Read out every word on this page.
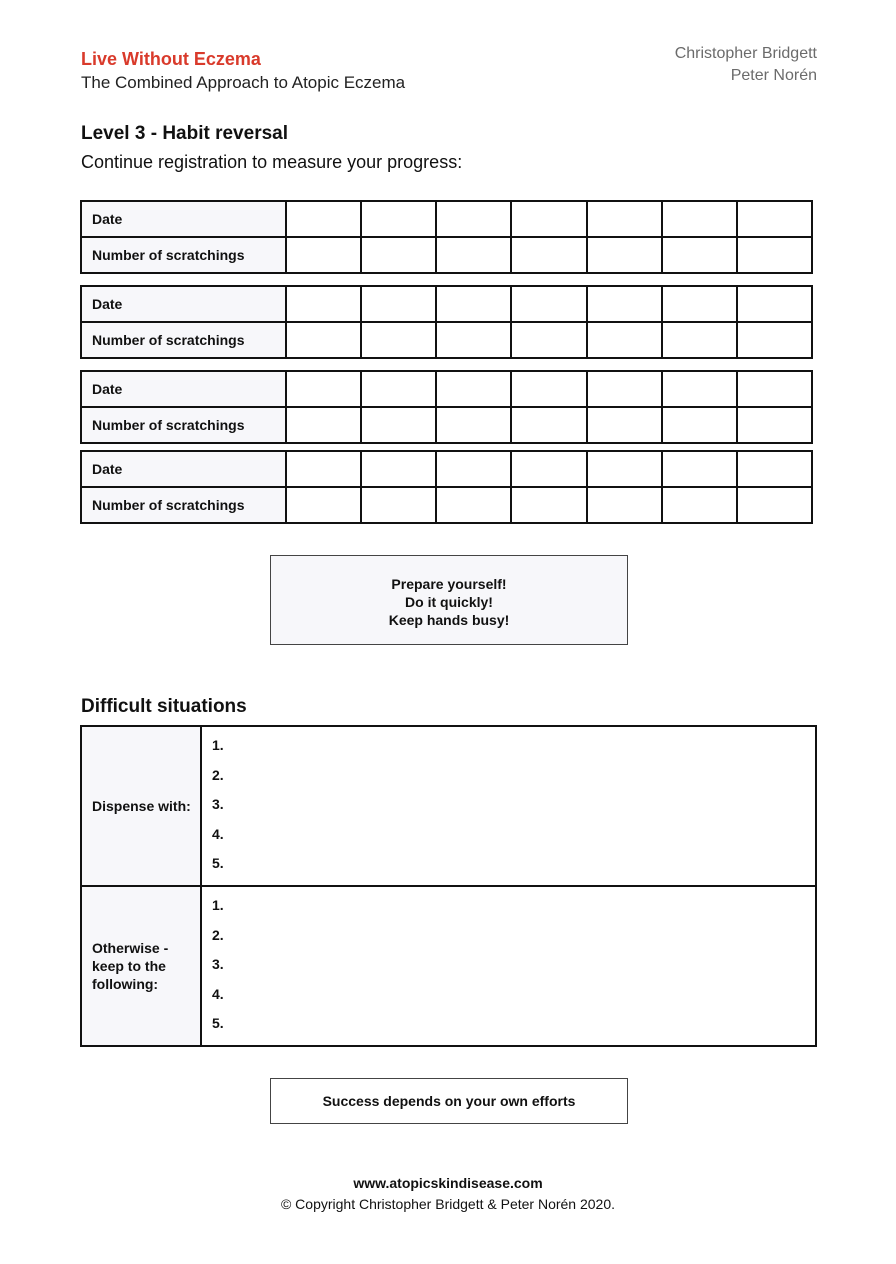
Live Without Eczema
The Combined Approach to Atopic Eczema
Christopher Bridgett
Peter Norén
Level 3 - Habit reversal
Continue registration to measure your progress:
Date							
Number of scratchings							
Date							
Number of scratchings							
Date							
Number of scratchings							
Date							
Number of scratchings							
Prepare yourself!
Do it quickly!
Keep hands busy!
Difficult situations
Dispense with:	1.
2.
3.
4.
5.

Otherwise - keep to the following:	1.
2.
3.
4.
5.
Success depends on your own efforts
www.atopicskindisease.com
© Copyright Christopher Bridgett & Peter Norén 2020.
